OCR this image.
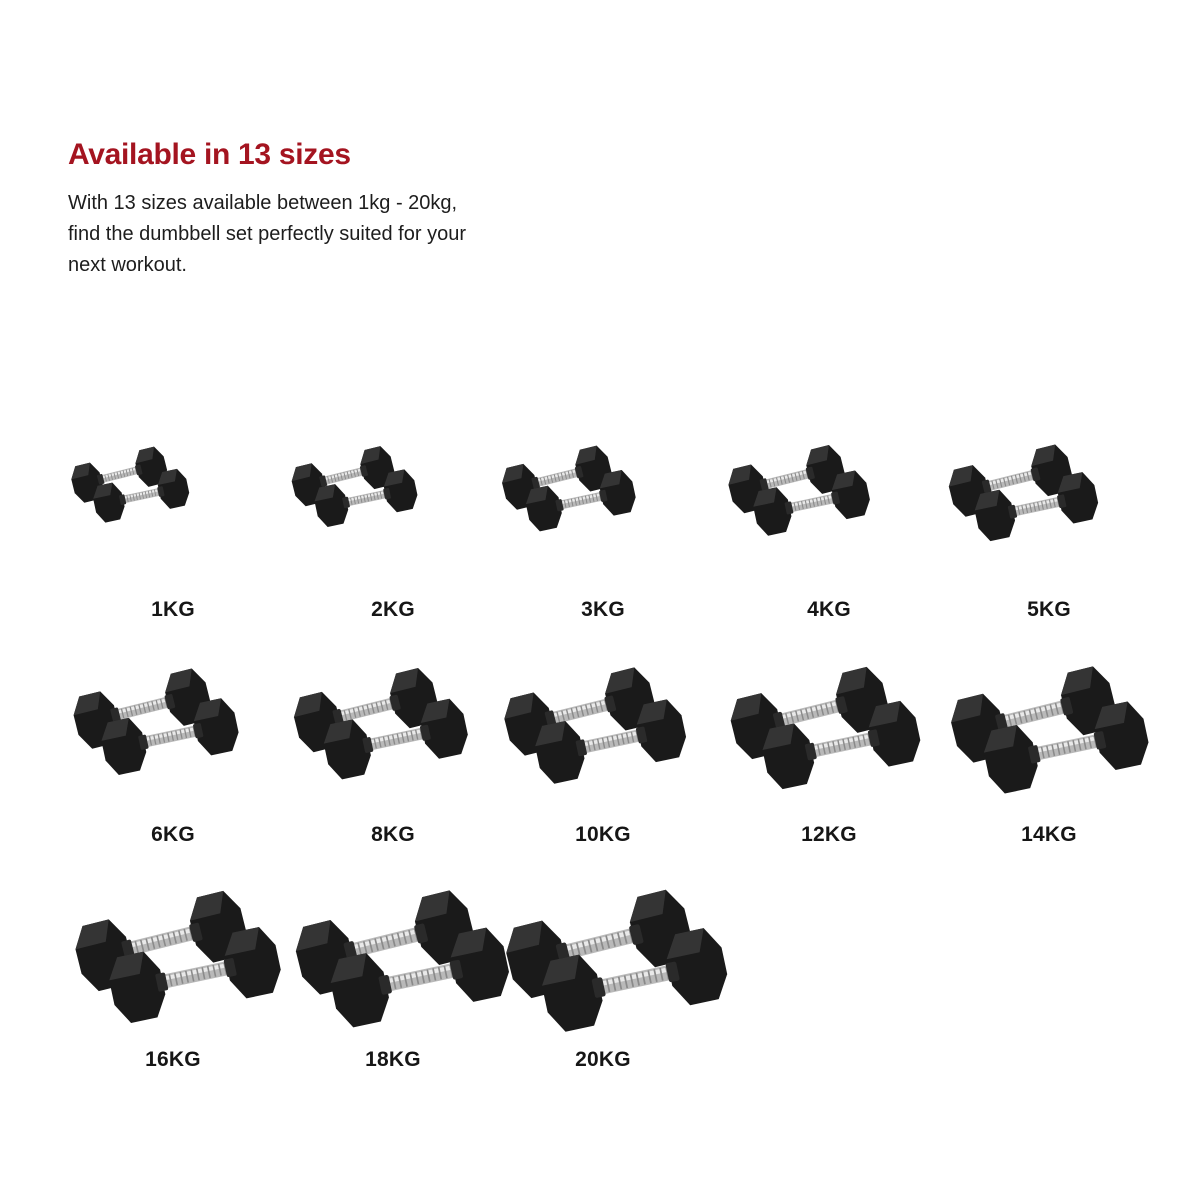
Available in 13 sizes

With 13 sizes available between 1kg - 20kg, find the dumbbell set perfectly suited for your next workout.

1KG	2KG	3KG	4KG	5KG
6KG	8KG	10KG	12KG	14KG
16KG	18KG	20KG
